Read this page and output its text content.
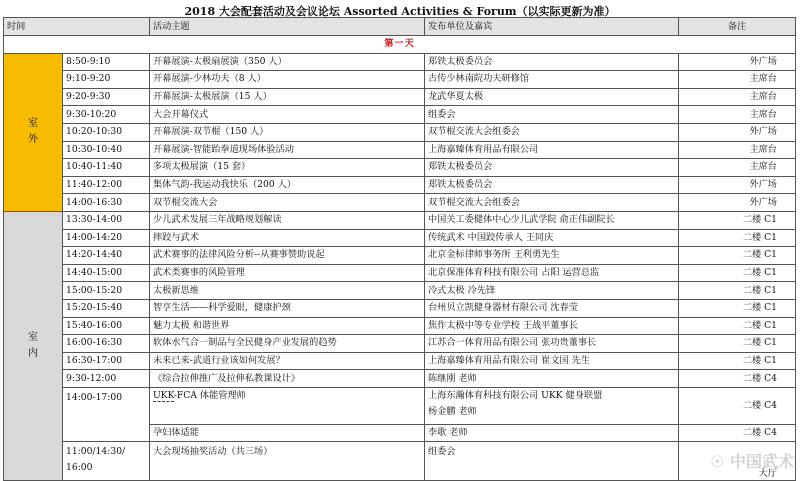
2018 大会配套活动及会议论坛 Assorted Activities & Forum（以实际更新为准）
时间		活动主题	发布单位及嘉宾	备注
第一天				

室
外	8:50-9:10	开幕展演-太极扇展演（350 人）	郑铁太极委员会	外广场
	9:10-9:20	开幕展演-少林功夫（8 人）	古传少林南院功夫研修馆	主席台
	9:20-9:30	开幕展演-太极展演（15 人）	龙武华夏太极	主席台
	9:30-10:20	大会开幕仪式	组委会	主席台
	10:20-10:30	开幕展演-双节棍（150 人）	双节棍交流大会组委会	外广场
	10:30-10:40	开幕展演-智能跆拳道现场体验活动	上海嘉臻体育用品有限公司	主席台
	10:40-11:40	多项太极展演（15 套）	郑铁太极委员会	主席台
	11:40-12:00	集体气韵-我运动我快乐（200 人）	郑铁太极委员会	外广场
	14:00-16:30	双节棍交流大会	双节棍交流大会组委会	外广场

室
内	13:30-14:00	少儿武术发展三年战略规划解读	中国关工委健体中心少儿武学院 俞正伟副院长	二楼 C1
	14:00-14:20	摔跤与武术	传统武术 中国跤传承人 王同庆	二楼 C1
	14:20-14:40	武术赛事的法律风险分析--从赛事赞助说起	北京金标律师事务所 王利勇先生	二楼 C1
	14:40-15:00	武术类赛事的风险管理	北京保准体育科技有限公司 占阳 运营总监	二楼 C1
	15:00-15:20	太极新思维	冷式太极 冷先锋	二楼 C1
	15:20-15:40	智亨生活——科学爱眼，健康护颈	台州贝立凯健身器材有限公司 沈春莹	二楼 C1
	15:40-16:00	魅力太极 和谐世界	焦作太极中等专业学校 王战平董事长	二楼 C1
	16:00-16:30	软体水气合一制品与全民健身产业发展的趋势	江苏合一体育用品有限公司 张功贵董事长	二楼 C1
	16:30-17:00	未来已来-武道行业该如何发展？	上海嘉臻体育用品有限公司 崔文国 先生	二楼 C1
	9:30-12:00	《综合拉伸推广及拉伸私教课设计》	陈继刚 老师	二楼 C4
	14:00-17:00	UKK-FCA 体能管理师	上海东瀚体育科技有限公司 UKK 健身联盟
杨金鹏 老师	二楼 C4
		孕妇体适能	李歌 老师	二楼 C4

	11:00/14:30/
16:00	大会现场抽奖活动（共三场）	组委会	大厅
☉ 中国武术
